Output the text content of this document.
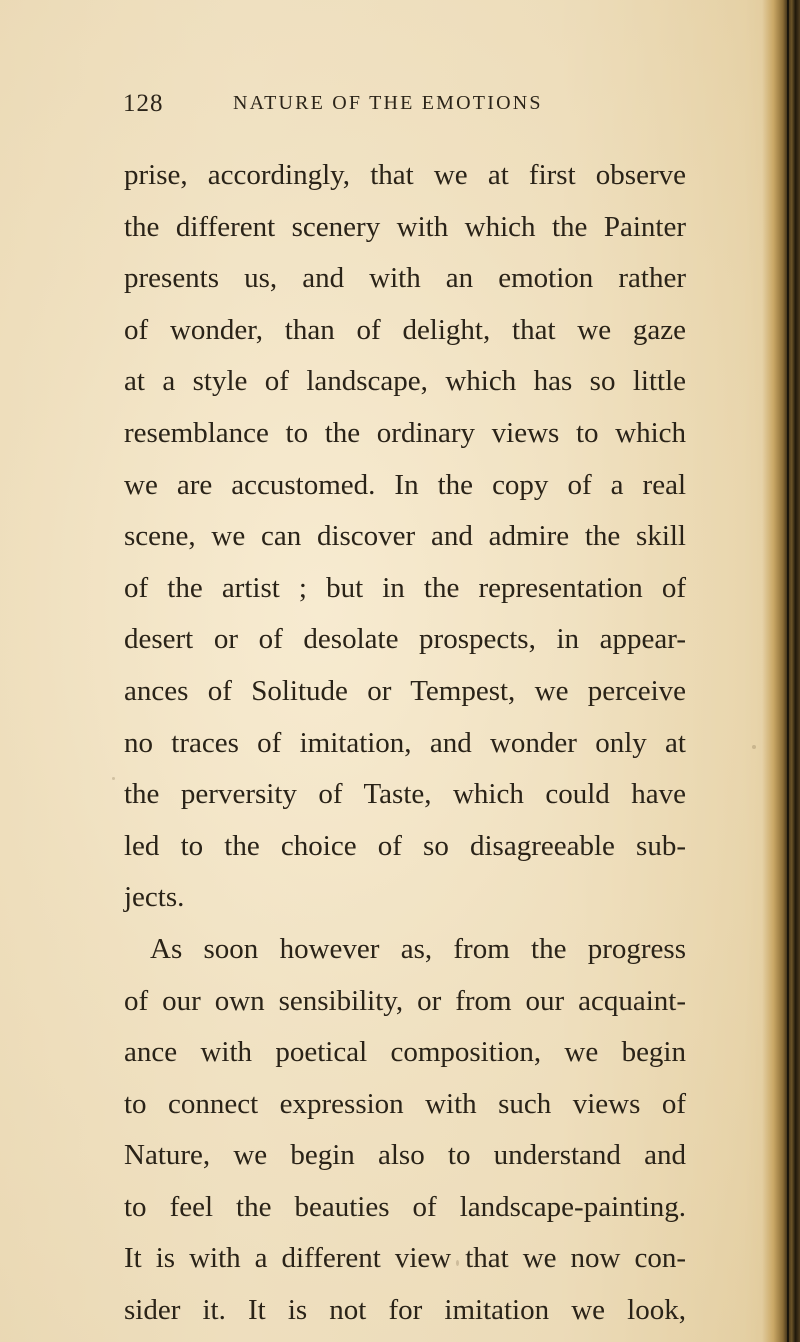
128	NATURE OF THE EMOTIONS
prise, accordingly, that we at first observe
the different scenery with which the Painter
presents us, and with an emotion rather
of wonder, than of delight, that we gaze
at a style of landscape, which has so little
resemblance to the ordinary views to which
we are accustomed. In the copy of a real
scene, we can discover and admire the skill
of the artist ; but in the representation of
desert or of desolate prospects, in appear-
ances of Solitude or Tempest, we perceive
no traces of imitation, and wonder only at
the perversity of Taste, which could have
led to the choice of so disagreeable sub-
jects.
As soon however as, from the progress
of our own sensibility, or from our acquaint-
ance with poetical composition, we begin
to connect expression with such views of
Nature, we begin also to understand and
to feel the beauties of landscape-painting.
It is with a different view that we now con-
sider it. It is not for imitation we look,
